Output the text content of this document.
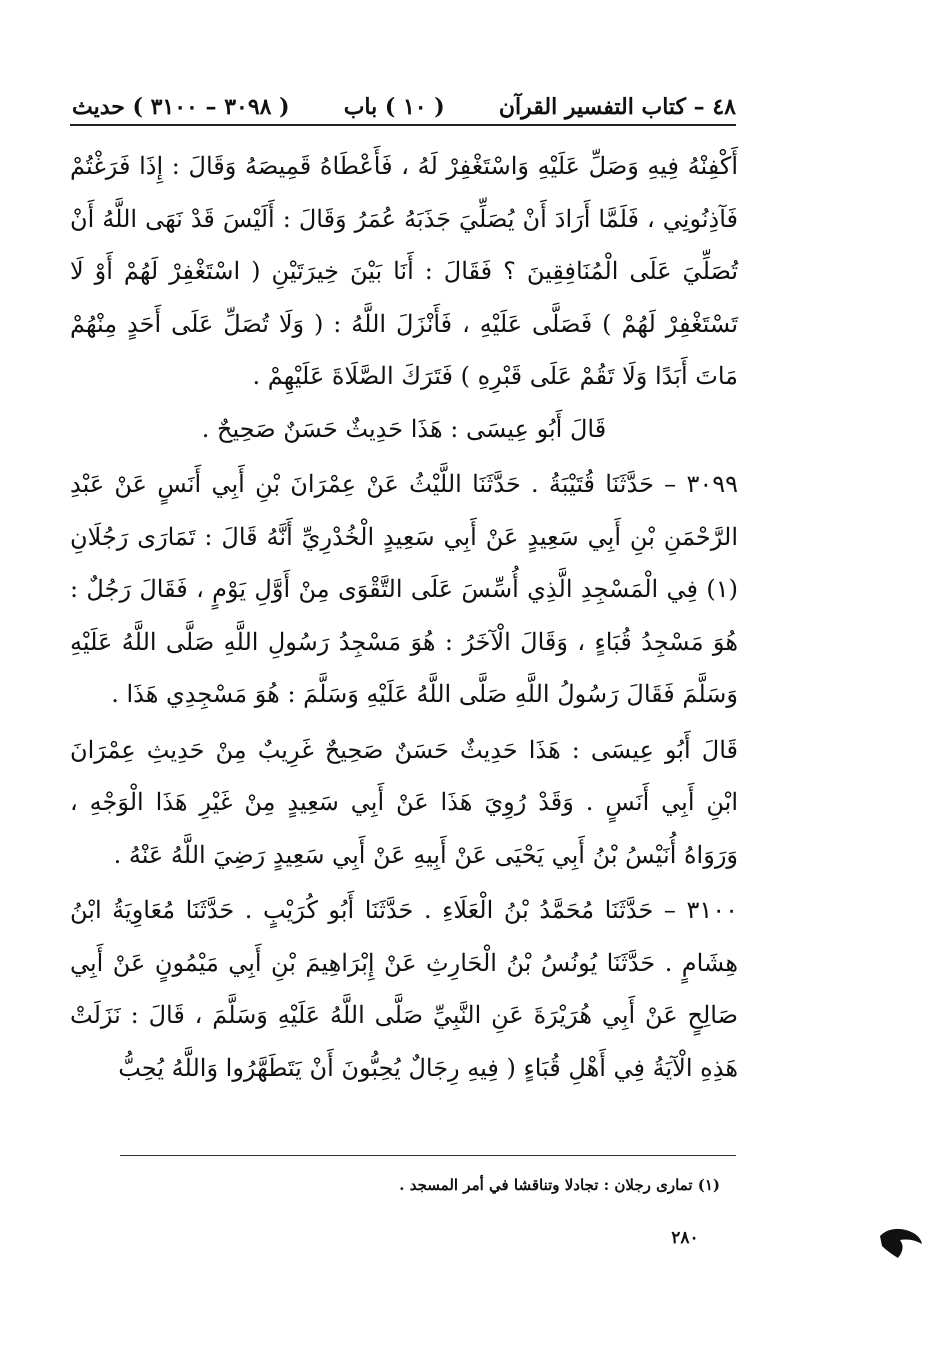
٤٨ – كتاب التفسير القرآن
( ١٠ ) باب
( ٣٠٩٨ – ٣١٠٠ ) حديث

أَكْفِنْهُ فِيهِ وَصَلِّ عَلَيْهِ وَاسْتَغْفِرْ لَهُ ، فَأَعْطَاهُ قَمِيصَهُ وَقَالَ : إِذَا فَرَغْتُمْ فَآذِنُونِي ، فَلَمَّا أَرَادَ أَنْ يُصَلِّيَ جَذَبَهُ عُمَرُ وَقَالَ : أَلَيْسَ قَدْ نَهَى اللَّهُ أَنْ تُصَلِّيَ عَلَى الْمُنَافِقِينَ ؟ فَقَالَ : أَنَا بَيْنَ خِيرَتَيْنِ ( اسْتَغْفِرْ لَهُمْ أَوْ لَا تَسْتَغْفِرْ لَهُمْ ) فَصَلَّى عَلَيْهِ ، فَأَنْزَلَ اللَّهُ : ( وَلَا تُصَلِّ عَلَى أَحَدٍ مِنْهُمْ مَاتَ أَبَدًا وَلَا تَقُمْ عَلَى قَبْرِهِ ) فَتَرَكَ الصَّلَاةَ عَلَيْهِمْ .

قَالَ أَبُو عِيسَى : هَذَا حَدِيثٌ حَسَنٌ صَحِيحٌ .

٣٠٩٩ – حَدَّثَنَا قُتَيْبَةُ . حَدَّثَنَا اللَّيْثُ عَنْ عِمْرَانَ بْنِ أَبِي أَنَسٍ عَنْ عَبْدِ الرَّحْمَنِ بْنِ أَبِي سَعِيدٍ عَنْ أَبِي سَعِيدٍ الْخُدْرِيِّ أَنَّهُ قَالَ : تَمَارَى رَجُلَانِ (١) فِي الْمَسْجِدِ الَّذِي أُسِّسَ عَلَى التَّقْوَى مِنْ أَوَّلِ يَوْمٍ ، فَقَالَ رَجُلٌ : هُوَ مَسْجِدُ قُبَاءٍ ، وَقَالَ الْآخَرُ : هُوَ مَسْجِدُ رَسُولِ اللَّهِ صَلَّى اللَّهُ عَلَيْهِ وَسَلَّمَ فَقَالَ رَسُولُ اللَّهِ صَلَّى اللَّهُ عَلَيْهِ وَسَلَّمَ : هُوَ مَسْجِدِي هَذَا .

قَالَ أَبُو عِيسَى : هَذَا حَدِيثٌ حَسَنٌ صَحِيحٌ غَرِيبٌ مِنْ حَدِيثِ عِمْرَانَ ابْنِ أَبِي أَنَسٍ . وَقَدْ رُوِيَ هَذَا عَنْ أَبِي سَعِيدٍ مِنْ غَيْرِ هَذَا الْوَجْهِ ، وَرَوَاهُ أُنَيْسُ بْنُ أَبِي يَحْيَى عَنْ أَبِيهِ عَنْ أَبِي سَعِيدٍ رَضِيَ اللَّهُ عَنْهُ .

٣١٠٠ – حَدَّثَنَا مُحَمَّدُ بْنُ الْعَلَاءِ . حَدَّثَنَا أَبُو كُرَيْبٍ . حَدَّثَنَا مُعَاوِيَةُ ابْنُ هِشَامٍ . حَدَّثَنَا يُونُسُ بْنُ الْحَارِثِ عَنْ إِبْرَاهِيمَ بْنِ أَبِي مَيْمُونٍ عَنْ أَبِي صَالِحٍ عَنْ أَبِي هُرَيْرَةَ عَنِ النَّبِيِّ صَلَّى اللَّهُ عَلَيْهِ وَسَلَّمَ ، قَالَ : نَزَلَتْ هَذِهِ الْآيَةُ فِي أَهْلِ قُبَاءٍ ( فِيهِ رِجَالٌ يُحِبُّونَ أَنْ يَتَطَهَّرُوا وَاللَّهُ يُحِبُّ

(١) تمارى رجلان : تجادلا وتناقشا في أمر المسجد .
٢٨٠
